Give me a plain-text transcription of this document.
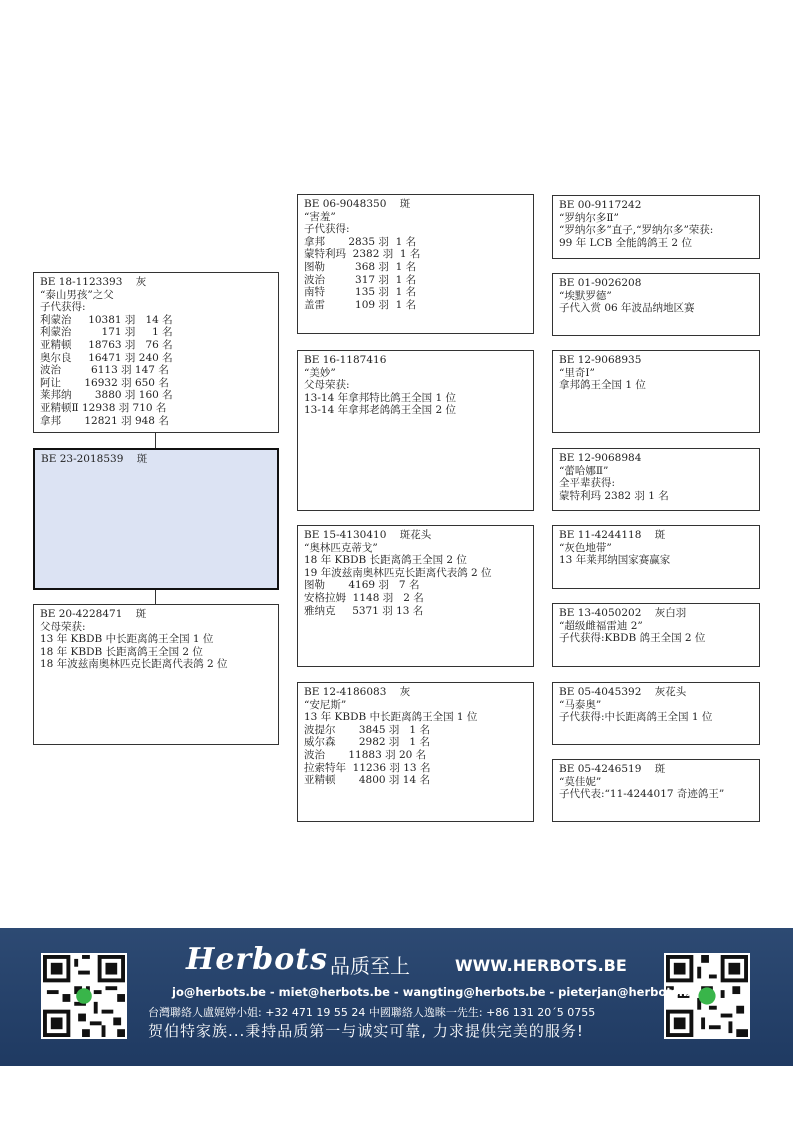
BE 18-1123393    灰
“泰山男孩”之父
子代获得:
利蒙治     10381 羽   14 名
利蒙治         171 羽     1 名
亚精顿     18763 羽   76 名
奥尔良     16471 羽 240 名
波治         6113 羽 147 名
阿让       16932 羽 650 名
莱邦纳       3880 羽 160 名
亚精顿Ⅱ 12938 羽 710 名
拿邦       12821 羽 948 名
BE 23-2018539    斑
BE 20-4228471    斑
父母荣获:
13 年 KBDB 中长距离鸽王全国 1 位
18 年 KBDB 长距离鸽王全国 2 位
18 年波兹南奥林匹克长距离代表鸽 2 位
BE 06-9048350    斑
“害羞”
子代获得:
拿邦       2835 羽  1 名
蒙特利玛  2382 羽  1 名
图勒         368 羽  1 名
波治         317 羽  1 名
南特         135 羽  1 名
盖雷         109 羽  1 名
BE 16-1187416
“美妙”
父母荣获:
13-14 年拿邦特比鸽王全国 1 位
13-14 年拿邦老鸽鸽王全国 2 位
BE 15-4130410    斑花头
“奥林匹克蒂戈”
18 年 KBDB 长距离鸽王全国 2 位
19 年波兹南奥林匹克长距离代表鸽 2 位
图勒       4169 羽   7 名
安格拉姆  1148 羽   2 名
雅纳克     5371 羽 13 名
BE 12-4186083    灰
“安尼斯”
13 年 KBDB 中长距离鸽王全国 1 位
波提尔       3845 羽   1 名
威尔森       2982 羽   1 名
波治       11883 羽 20 名
拉索特年  11236 羽 13 名
亚精顿       4800 羽 14 名
BE 00-9117242
“罗纳尔多Ⅱ”
“罗纳尔多”直子,“罗纳尔多”荣获:
99 年 LCB 全能鸽鸽王 2 位
BE 01-9026208
“埃默罗德”
子代入赏 06 年波品纳地区赛
BE 12-9068935
“里奇Ⅰ”
拿邦鸽王全国 1 位
BE 12-9068984
“蕾哈娜Ⅱ”
全平辈获得:
蒙特利玛 2382 羽 1 名
BE 11-4244118    斑
“灰色地带”
13 年莱邦纳国家赛赢家
BE 13-4050202    灰白羽
“超级雌福雷迪 2”
子代获得:KBDB 鸽王全国 2 位
BE 05-4045392    灰花头
“马泰奥”
子代获得:中长距离鸽王全国 1 位
BE 05-4246519    斑
“莫佳妮”
子代代表:“11-4244017 奇迹鸽王”
Herbots 品质至上	WWW.HERBOTS.BE
jo@herbots.be - miet@herbots.be - wangting@herbots.be - pieterjan@herbots.be
台灣聯絡人盧娓婷小姐: +32 471 19 55 24 中國聯絡人逸睞一先生: +86 131 20´5 0755
贺伯特家族...秉持品质第一与诚实可靠, 力求提供完美的服务!
